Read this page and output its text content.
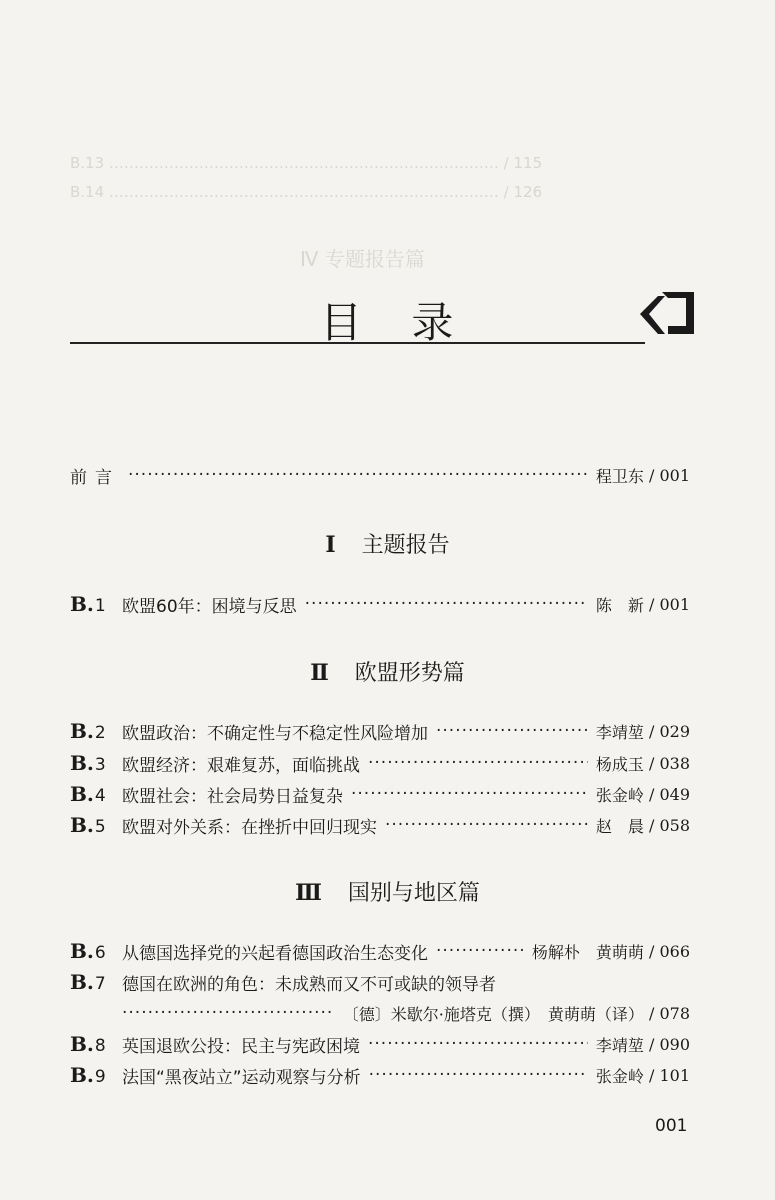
B.13 …………………………………………………………………… / 115
B.14 …………………………………………………………………… / 126
Ⅳ 专题报告篇
目 录
前言 ·····	程卫东 / 001
Ⅰ 主题报告
B.1 欧盟60年：困境与反思 ·····	陈　新 / 001
Ⅱ 欧盟形势篇
B.2 欧盟政治：不确定性与不稳定性风险增加 ·····	李靖堃 / 029
B.3 欧盟经济：艰难复苏，面临挑战 ·····	杨成玉 / 038
B.4 欧盟社会：社会局势日益复杂 ·····	张金岭 / 049
B.5 欧盟对外关系：在挫折中回归现实 ·····	赵　晨 / 058
Ⅲ 国别与地区篇
B.6 从德国选择党的兴起看德国政治生态变化 ·····	杨解朴　黄萌萌 / 066
B.7 德国在欧洲的角色：未成熟而又不可或缺的领导者
·····
〔德〕米歇尔·施塔克（撰）　黄萌萌（译） / 078
B.8 英国退欧公投：民主与宪政困境 ·····	李靖堃 / 090
B.9 法国“黑夜站立”运动观察与分析 ·····	张金岭 / 101
001
